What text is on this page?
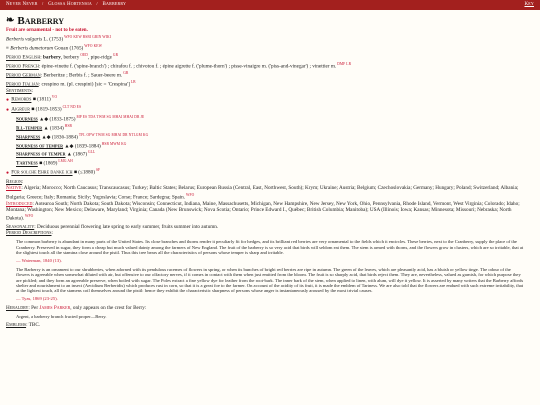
Never Never / Glossa Hortensia / Barberry	Key
❧ Barberry
Fruit are ornamental - not to be eaten.

Berberis vulgaris L. $(1753)^{WFO KEW BSBI GRIN WIKI}$

≡ Berberis dumetorum Gouan $(1765)^{WFO KEW}$

Period English: barbery, berbery$^{OED}$, pipe-ridge$^{GR}$

Period French: épine-vinette f. ('spine-branch') ; chirafou f. ; chivotou f. ; épine aigrette f. ('plume-thorn') ; pisse-vinaigre m. ('piss-and-vinegar') ; vinettier m.$^{DMF LR}$

Period German: Berberitze ; Berbis f. ; Sauer-beere m.$^{GR}$

Period Italian: crespino m. (pl. crespini) [sic = 'Crespina']$^{LB}$

Sentiments:

● Remords ■ $(1811)^{VO}$

● Aigreur ■ (1819-1853)$^{CLT ND ES}$

Sourness ▲◆ (1833-1875)$^{MP ES TDA TWM SG MHAI MHAI DR JE}$

Ill-temper ▲ $(1834)^{HSB}$

Sharpness ▲◆ (1836-1884)$^{TFL OFW TWM SG MHAI DR NTLGM KG}$

Sourness of temper ▲◆ (1839-1884)$^{HSB MWM KG}$

Sharpness of temper ▲ $(1867)^{GLL}$

Tartness ■ $(1869)^{LMG AH}$

● Für solche Ehre danke ich ■ (≤1880)$^{SF}$

Region:

Native: Algeria; Morocco; North Caucasus; Transcaucasus; Turkey; Baltic States; Belarus; European Russia (Central, East, Northwest, South); Krym; Ukraine; Austria; Belgium; Czechoslovakia; Germany; Hungary; Poland; Switzerland; Albania; Bulgaria; Greece; Italy; Romania; Sicily; Yugoslavia; Corse; France; Sardegna; Spain.$^{WFO}$

Introduced: Aotearoa South; North Dakota; South Dakota; Wisconsin; Connecticut, Indiana, Maine, Massachusetts, Michigan, New Hampshire, New Jersey, New York, Ohio, Pennsylvania, Rhode Island, Vermont, West Virginia; Colorado; Idaho; Montana; Washington; New Mexico; Delaware, Maryland; Virginia; Canada (New Brunswick; Nova Scotia; Ontario; Prince Edward I., Québec; British Columbia; Manitoba); USA (Illinois; Iowa; Kansas; Minnesota; Missouri; Nebraska; North Dakota).$^{WFO}$

Seasonality: Deciduous perennial flowering late spring to early summer, fruits summer into autumn.

Period Descriptions:

The common barberry is abundant in many parts of the United States. Its close branches and thorns render it peculiarly fit for hedges, and its brilliant red berries are very ornamental to the fields which it encircles. These berries, next to the Cranberry, supply the place of the Cranberry. Preserved in sugar, they form a cheap but much valued dainty among the farmers of New England. The fruit of the barberry is so very acid that birds will seldom eat them. The stem is armed with thorns, and the flowers grow in clusters, which are so irritable, that at the slightest touch all the stamina close around the pistil. Thus this tree bears all the characteristics of persons whose temper is sharp and irritable.
— Waterman, 1840 (13).
The Barberry is an ornament to our shrubberies, when adorned with its pendulous racemes of flowers in spring, or when its bunches of bright red berries are ripe in autumn. The green of the leaves, which are pleasantly acid, has a bluish or yellow tinge. The odour of the flowers is agreeable when somewhat diluted with air, but offensive to our olfactory nerves, if it comes in contact with them when just emitted from the bloom. The fruit is so sharply acid, that birds reject them. They are, nevertheless, valued as garnish, for which purpose they are pickled; and they form an agreeable preserve, when boiled with sugar. The Poles extract a fine yellow dye for leather from the root-bark. The inner bark of the stem, when applied to linen, with alum, will dye it yellow. It is asserted by many writers that the Barberry affords shelter and nourishment to an insect (Aecidium Berberidis) which produces rust in corn, so that it is a great foe to the farmer. On account of the acidity of its fruit, it is made the emblem of Tartness. We are also told that the flowers are endued with such extreme irritability, that at the lightest touch, all the stamens coil themselves around the pistil: hence they exhibit the characteristic sharpness of persons whose anger is instantaneously aroused by the most trivial causes.
— Tyas, 1869 (23-25).

Heraldry: Per James Parker, only appears on the crest for Berry:

Argent, a barberry branch fructed proper—Berry.

Emblems: TBC.
